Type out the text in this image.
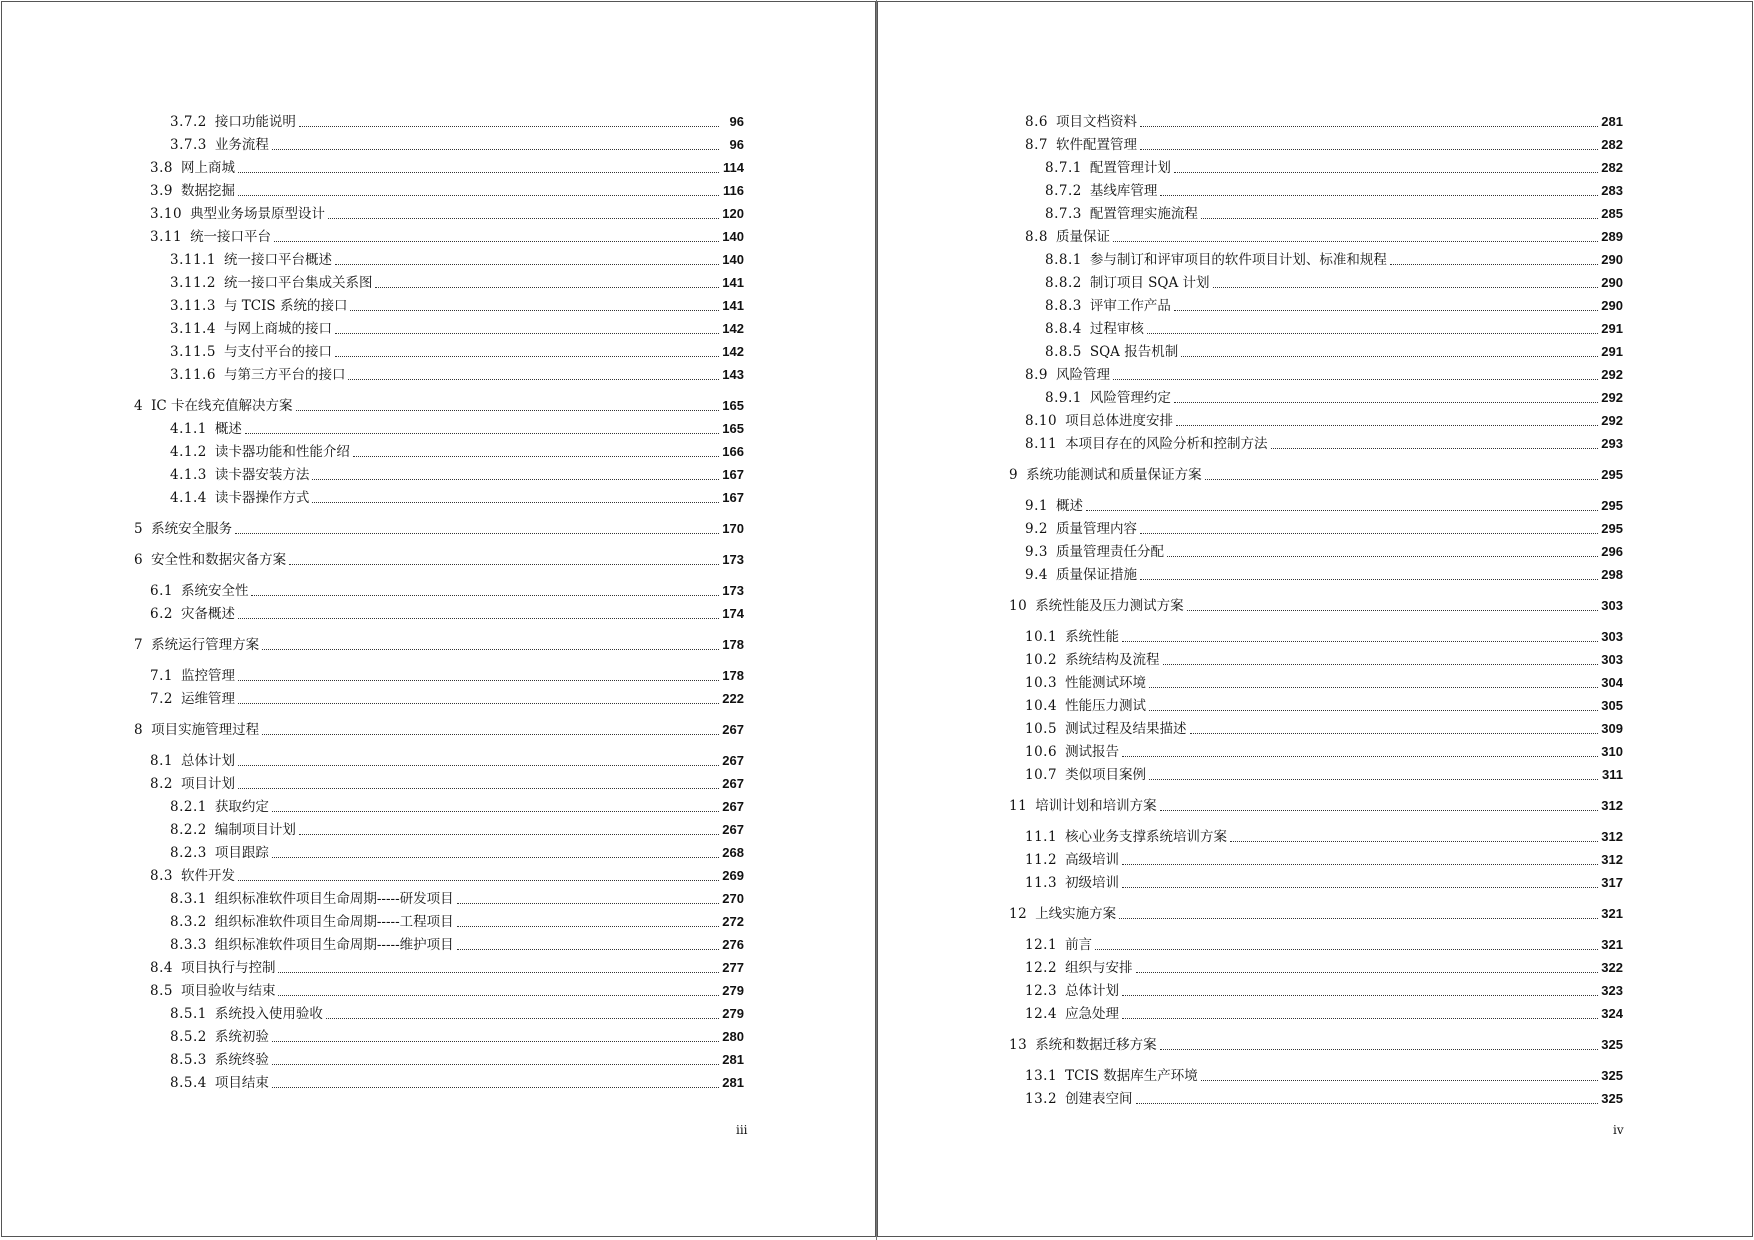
3.7.2 接口功能说明	96
3.7.3 业务流程	96
3.8 网上商城	114
3.9 数据挖掘	116
3.10 典型业务场景原型设计	120
3.11 统一接口平台	140
3.11.1 统一接口平台概述	140
3.11.2 统一接口平台集成关系图	141
3.11.3 与 TCIS 系统的接口	141
3.11.4 与网上商城的接口	142
3.11.5 与支付平台的接口	142
3.11.6 与第三方平台的接口	143
4 IC 卡在线充值解决方案	165
4.1.1 概述	165
4.1.2 读卡器功能和性能介绍	166
4.1.3 读卡器安装方法	167
4.1.4 读卡器操作方式	167
5 系统安全服务	170
6 安全性和数据灾备方案	173
6.1 系统安全性	173
6.2 灾备概述	174
7 系统运行管理方案	178
7.1 监控管理	178
7.2 运维管理	222
8 项目实施管理过程	267
8.1 总体计划	267
8.2 项目计划	267
8.2.1 获取约定	267
8.2.2 编制项目计划	267
8.2.3 项目跟踪	268
8.3 软件开发	269
8.3.1 组织标准软件项目生命周期-----研发项目	270
8.3.2 组织标准软件项目生命周期-----工程项目	272
8.3.3 组织标准软件项目生命周期-----维护项目	276
8.4 项目执行与控制	277
8.5 项目验收与结束	279
8.5.1 系统投入使用验收	279
8.5.2 系统初验	280
8.5.3 系统终验	281
8.5.4 项目结束	281
iii
8.6 项目文档资料	281
8.7 软件配置管理	282
8.7.1 配置管理计划	282
8.7.2 基线库管理	283
8.7.3 配置管理实施流程	285
8.8 质量保证	289
8.8.1 参与制订和评审项目的软件项目计划、标准和规程	290
8.8.2 制订项目 SQA 计划	290
8.8.3 评审工作产品	290
8.8.4 过程审核	291
8.8.5 SQA 报告机制	291
8.9 风险管理	292
8.9.1 风险管理约定	292
8.10 项目总体进度安排	292
8.11 本项目存在的风险分析和控制方法	293
9 系统功能测试和质量保证方案	295
9.1 概述	295
9.2 质量管理内容	295
9.3 质量管理责任分配	296
9.4 质量保证措施	298
10 系统性能及压力测试方案	303
10.1 系统性能	303
10.2 系统结构及流程	303
10.3 性能测试环境	304
10.4 性能压力测试	305
10.5 测试过程及结果描述	309
10.6 测试报告	310
10.7 类似项目案例	311
11 培训计划和培训方案	312
11.1 核心业务支撑系统培训方案	312
11.2 高级培训	312
11.3 初级培训	317
12 上线实施方案	321
12.1 前言	321
12.2 组织与安排	322
12.3 总体计划	323
12.4 应急处理	324
13 系统和数据迁移方案	325
13.1 TCIS 数据库生产环境	325
13.2 创建表空间	325
iv
